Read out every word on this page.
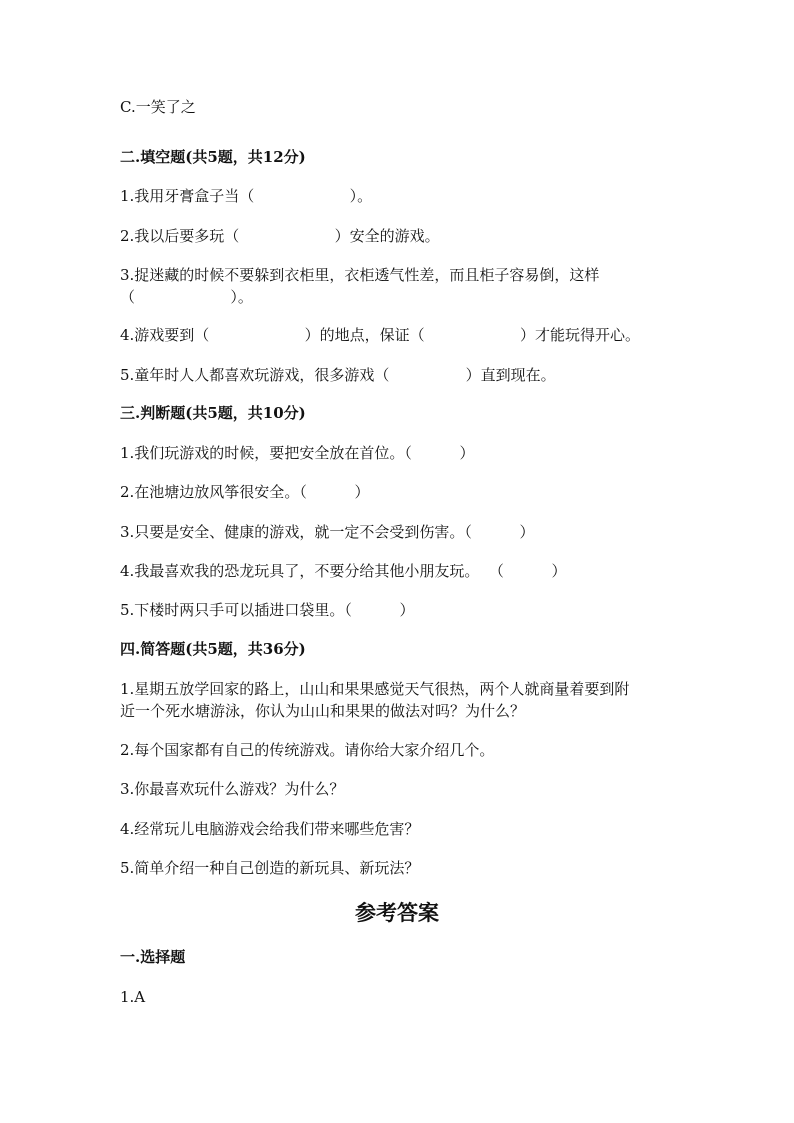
C.一笑了之
二.填空题(共5题，共12分)
1.我用牙膏盒子当（                    ）。
2.我以后要多玩（                    ）安全的游戏。
3.捉迷藏的时候不要躲到衣柜里，衣柜透气性差，而且柜子容易倒，这样
（                    ）。
4.游戏要到（                    ）的地点，保证（                    ）才能玩得开心。
5.童年时人人都喜欢玩游戏，很多游戏（                ）直到现在。
三.判断题(共5题，共10分)
1.我们玩游戏的时候，要把安全放在首位。（          ）
2.在池塘边放风筝很安全。（          ）
3.只要是安全、健康的游戏，就一定不会受到伤害。（          ）
4.我最喜欢我的恐龙玩具了，不要分给其他小朋友玩。  （          ）
5.下楼时两只手可以插进口袋里。（          ）
四.简答题(共5题，共36分)
1.星期五放学回家的路上，山山和果果感觉天气很热，两个人就商量着要到附
近一个死水塘游泳，你认为山山和果果的做法对吗？为什么？
2.每个国家都有自己的传统游戏。请你给大家介绍几个。
3.你最喜欢玩什么游戏？为什么？
4.经常玩儿电脑游戏会给我们带来哪些危害？
5.简单介绍一种自己创造的新玩具、新玩法？
参考答案
一.选择题
1.A
